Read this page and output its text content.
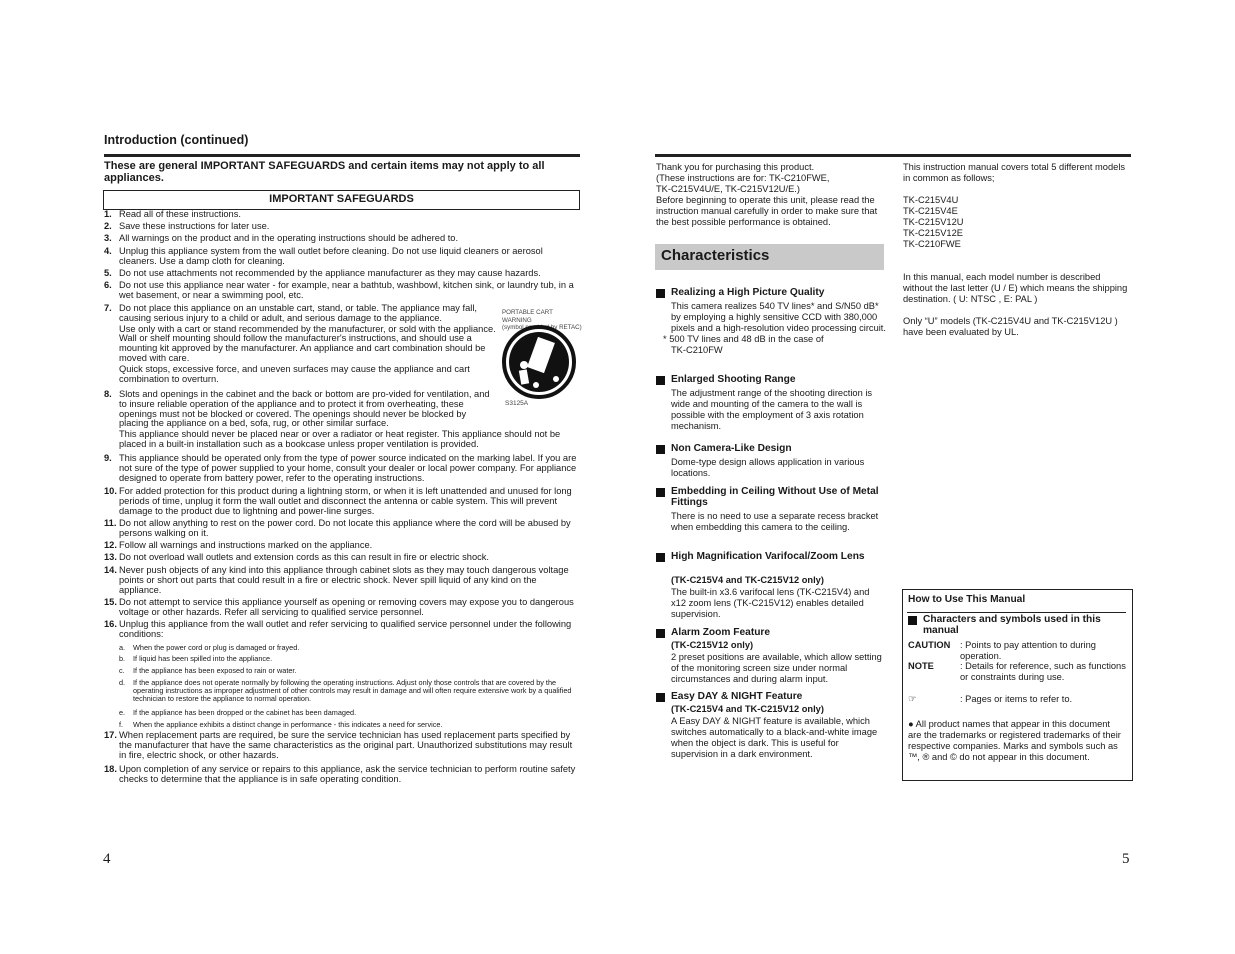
Introduction (continued)
These are general IMPORTANT SAFEGUARDS and certain items may not apply to all appliances.
IMPORTANT SAFEGUARDS
1. Read all of these instructions.
2. Save these instructions for later use.
3. All warnings on the product and in the operating instructions should be adhered to.
4. Unplug this appliance system from the wall outlet before cleaning. Do not use liquid cleaners or aerosol cleaners. Use a damp cloth for cleaning.
5. Do not use attachments not recommended by the appliance manufacturer as they may cause hazards.
6. Do not use this appliance near water - for example, near a bathtub, washbowl, kitchen sink, or laundry tub, in a wet basement, or near a swimming pool, etc.
7. Do not place this appliance on an unstable cart, stand, or table. The appliance may fall, causing serious injury to a child or adult, and serious damage to the appliance.
Use only with a cart or stand recommended by the manufacturer, or sold with the appliance. Wall or shelf mounting should follow the manufacturer's instructions, and should use a mounting kit approved by the manufacturer. An appliance and cart combination should be moved with care.
Quick stops, excessive force, and uneven surfaces may cause the appliance and cart combination to overturn.
PORTABLE CART WARNING
(symbol provided by RETAC)
S3125A
8. Slots and openings in the cabinet and the back or bottom are pro-vided for ventilation, and to insure reliable operation of the appliance and to protect it from overheating, these openings must not be blocked or covered. The openings should never be blocked by placing the appliance on a bed, sofa, rug, or other similar surface.
This appliance should never be placed near or over a radiator or heat register. This appliance should not be placed in a built-in installation such as a bookcase unless proper ventilation is provided.
9. This appliance should be operated only from the type of power source indicated on the marking label. If you are not sure of the type of power supplied to your home, consult your dealer or local power company. For appliance designed to operate from battery power, refer to the operating instructions.
10. For added protection for this product during a lightning storm, or when it is left unattended and unused for long periods of time, unplug it form the wall outlet and disconnect the antenna or cable system. This will prevent damage to the product due to lightning and power-line surges.
11. Do not allow anything to rest on the power cord. Do not locate this appliance where the cord will be abused by persons walking on it.
12. Follow all warnings and instructions marked on the appliance.
13. Do not overload wall outlets and extension cords as this can result in fire or electric shock.
14. Never push objects of any kind into this appliance through cabinet slots as they may touch dangerous voltage points or short out parts that could result in a fire or electric shock. Never spill liquid of any kind on the appliance.
15. Do not attempt to service this appliance yourself as opening or removing covers may expose you to dangerous voltage or other hazards. Refer all servicing to qualified service personnel.
16. Unplug this appliance from the wall outlet and refer servicing to qualified service personnel under the following conditions:
a.	When the power cord or plug is damaged or frayed.
b.	If liquid has been spilled into the appliance.
c.	If the appliance has been exposed to rain or water.
d.	If the appliance does not operate normally by following the operating instructions. Adjust only those controls that are covered by the operating instructions as improper adjustment of other controls may result in damage and will often require extensive work by a qualified technician to restore the appliance to normal operation.
e.	If the appliance has been dropped or the cabinet has been damaged.
f.	When the appliance exhibits a distinct change in performance - this indicates a need for service.
17. When replacement parts are required, be sure the service technician has used replacement parts specified by the manufacturer that have the same characteristics as the original part. Unauthorized substitutions may result in fire, electric shock, or other hazards.
18. Upon completion of any service or repairs to this appliance, ask the service technician to perform routine safety checks to determine that the appliance is in safe operating condition.
4
Thank you for purchasing this product.
(These instructions are for: TK-C210FWE,
TK-C215V4U/E, TK-C215V12U/E.)
Before beginning to operate this unit, please read the instruction manual carefully in order to make sure that the best possible performance is obtained.
Characteristics
Realizing a High Picture Quality
This camera realizes 540 TV lines* and S/N50 dB* by employing a highly sensitive CCD with 380,000 pixels and a high-resolution video processing circuit.
* 500 TV lines and 48 dB in the case of
TK-C210FW
Enlarged Shooting Range
The adjustment range of the shooting direction is wide and mounting of the camera to the wall is possible with the employment of 3 axis rotation mechanism.
Non Camera-Like Design
Dome-type design allows application in various locations.
Embedding in Ceiling Without Use of Metal Fittings
There is no need to use a separate recess bracket when embedding this camera to the ceiling.
High Magnification Varifocal/Zoom Lens
(TK-C215V4 and TK-C215V12 only)
The built-in x3.6 varifocal lens (TK-C215V4) and x12 zoom lens (TK-C215V12) enables detailed supervision.
Alarm Zoom Feature
(TK-C215V12 only)
2 preset positions are available, which allow setting of the monitoring screen size under normal circumstances and during alarm input.
Easy DAY & NIGHT Feature
(TK-C215V4 and TK-C215V12 only)
A Easy DAY & NIGHT feature is available, which switches automatically to a black-and-white image when the object is dark. This is useful for supervision in a dark environment.
This instruction manual covers total 5 different models in common as follows;
TK-C215V4U
TK-C215V4E
TK-C215V12U
TK-C215V12E
TK-C210FWE
In this manual, each model number is described without the last letter (U / E) which means the shipping destination. ( U: NTSC , E: PAL )
Only “U” models (TK-C215V4U and TK-C215V12U ) have been evaluated by UL.
How to Use This Manual
Characters and symbols used in this manual
CAUTION : Points to pay attention to during operation.
NOTE	: Details for reference, such as functions or constraints during use.
☞	: Pages or items to refer to.
● All product names that appear in this document are the trademarks or registered trademarks of their respective companies. Marks and symbols such as ™, ® and © do not appear in this document.
5
